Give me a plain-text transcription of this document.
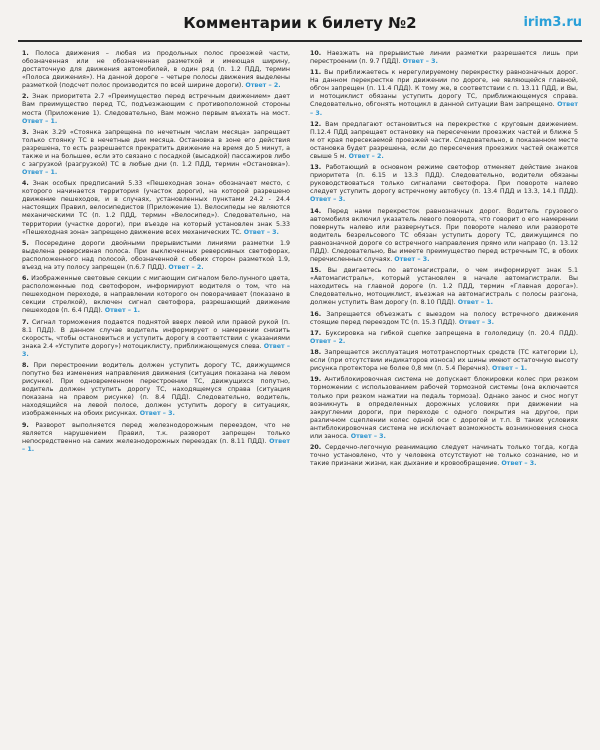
Комментарии к билету №2	irim3.ru

1. Полоса движения – любая из продольных полос проезжей части, обозначенная или не обозначенная разметкой и имеющая ширину, достаточную для движения автомобилей, в один ряд (п. 1.2 ПДД, термин «Полоса движения»). На данной дороге – четыре полосы движения выделены разметкой (подсчет полос производится по всей ширине дороги). Ответ – 2.

2. Знак приоритета 2.7 «Преимущество перед встречным движением» дает Вам преимущество перед ТС, подъезжающим с противоположной стороны моста (Приложение 1). Следовательно, Вам можно первым въехать на мост. Ответ – 1.

3. Знак 3.29 «Стоянка запрещена по нечетным числам месяца» запрещает только стоянку ТС в нечетные дни месяца. Остановка в зоне его действия разрешена, то есть разрешается прекратить движение на время до 5 минут, а также и на большее, если это связано с посадкой (высадкой) пассажиров либо с загрузкой (разгрузкой) ТС в любые дни (п. 1.2 ПДД, термин «Остановка»). Ответ – 1.

4. Знак особых предписаний 5.33 «Пешеходная зона» обозначает место, с которого начинается территория (участок дороги), на которой разрешено движение пешеходов, и в случаях, установленных пунктами 24.2 - 24.4 настоящих Правил, велосипедистов (Приложение 1). Велосипеды не являются механическими ТС (п. 1.2 ПДД, термин «Велосипед»). Следовательно, на территории (участке дороги), при въезде на который установлен знак 5.33 «Пешеходная зона» запрещено движение всех механических ТС. Ответ – 3.

5. Посередине дороги двойными прерывистыми линиями разметки 1.9 выделена реверсивная полоса. При выключенных реверсивных светофорах, расположенного над полосой, обозначенной с обеих сторон разметкой 1.9, въезд на эту полосу запрещен (п.6.7 ПДД). Ответ – 2.

6. Изображенные световые секции с мигающим сигналом бело-лунного цвета, расположенные под светофором, информируют водителя о том, что на пешеходном переходе, в направлении которого он поворачивает (показано в секции стрелкой), включен сигнал светофора, разрешающий движение пешеходов (п. 6.4 ПДД). Ответ – 1.

7. Сигнал торможения подается поднятой вверх левой или правой рукой (п. 8.1 ПДД). В данном случае водитель информирует о намерении снизить скорость, чтобы остановиться и уступить дорогу в соответствии с указаниями знака 2.4 «Уступите дорогу») мотоциклисту, приближающемуся слева. Ответ – 3.

8. При перестроении водитель должен уступить дорогу ТС, движущимся попутно без изменения направления движения (ситуация показана на левом рисунке). При одновременном перестроении ТС, движущихся попутно, водитель должен уступить дорогу ТС, находящемуся справа (ситуация показана на правом рисунке) (п. 8.4 ПДД). Следовательно, водитель, находящийся на левой полосе, должен уступить дорогу в ситуациях, изображенных на обоих рисунках. Ответ – 3.

9. Разворот выполняется перед железнодорожным переездом, что не является нарушением Правил, т.к. разворот запрещен только непосредственно на самих железнодорожных переездах (п. 8.11 ПДД). Ответ – 1.

10. Наезжать на прерывистые линии разметки разрешается лишь при перестроении (п. 9.7 ПДД). Ответ – 3.

11. Вы приближаетесь к нерегулируемому перекрестку равнозначных дорог. На данном перекрестке при движении по дороге, не являющейся главной, обгон запрещен (п. 11.4 ПДД). К тому же, в соответствии с п. 13.11 ПДД, и Вы, и мотоциклист обязаны уступить дорогу ТС, приближающемуся справа. Следовательно, обгонять мотоцикл в данной ситуации Вам запрещено. Ответ – 3.

12. Вам предлагают остановиться на перекрестке с круговым движением. П.12.4 ПДД запрещает остановку на пересечении проезжих частей и ближе 5 м от края пересекаемой проезжей части. Следовательно, в показанном месте остановка будет разрешена, если до пересечения проезжих частей окажется свыше 5 м. Ответ – 2.

13. Работающий в основном режиме светофор отменяет действие знаков приоритета (п. 6.15 и 13.3 ПДД). Следовательно, водители обязаны руководствоваться только сигналами светофора. При повороте налево следует уступить дорогу встречному автобусу (п. 13.4 ПДД и 13.3, 14.1 ПДД). Ответ – 3.

14. Перед нами перекресток равнозначных дорог. Водитель грузового автомобиля включил указатель левого поворота, что говорит о его намерении повернуть налево или развернуться. При повороте налево или развороте водитель безрельсового ТС обязан уступить дорогу ТС, движущимся по равнозначной дороге со встречного направления прямо или направо (п. 13.12 ПДД). Следовательно, Вы имеете преимущество перед встречным ТС, в обоих перечисленных случаях. Ответ – 3.

15. Вы двигаетесь по автомагистрали, о чем информирует знак 5.1 «Автомагистраль», который установлен в начале автомагистрали. Вы находитесь на главной дороге (п. 1.2 ПДД, термин «Главная дорога»). Следовательно, мотоциклист, въезжая на автомагистраль с полосы разгона, должен уступить Вам дорогу (п. 8.10 ПДД). Ответ – 1.

16. Запрещается объезжать с выездом на полосу встречного движения стоящие перед переездом ТС (п. 15.3 ПДД). Ответ – 3.

17. Буксировка на гибкой сцепке запрещена в гололедицу (п. 20.4 ПДД). Ответ – 2.

18. Запрещается эксплуатация мототранспортных средств (ТС категории L), если (при отсутствии индикаторов износа) их шины имеют остаточную высоту рисунка протектора не более 0,8 мм (п. 5.4 Перечня). Ответ – 1.

19. Антиблокировочная система не допускает блокировки колес при резком торможении с использованием рабочей тормозной системы (она включается только при резком нажатии на педаль тормоза). Однако занос и снос могут возникнуть в определенных дорожных условиях при движении на закруглении дороги, при переходе с одного покрытия на другое, при различном сцеплении колес одной оси с дорогой и т.п. В таких условиях антиблокировочная система не исключает возможность возникновения сноса или заноса. Ответ – 3.

20. Сердечно-легочную реанимацию следует начинать только тогда, когда точно установлено, что у человека отсутствуют не только сознание, но и такие признаки жизни, как дыхание и кровообращение. Ответ – 3.
